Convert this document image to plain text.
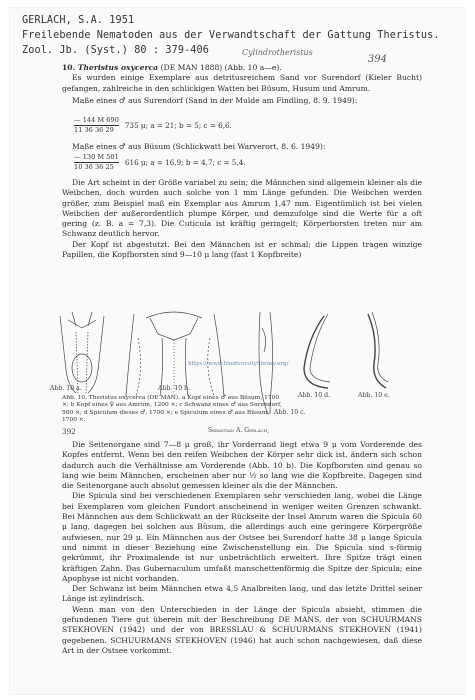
GERLACH, S.A. 1951
Freilebende Nematoden aus der Verwandtschaft der Gattung Theristus.
Zool. Jb. (Syst.) 80 : 379-406	Cylindrotheristus
394

10. Theristus oxycerca (DE MAN 1888) (Abb. 10 a—e).

Es wurden einige Exemplare aus detritusreichem Sand vor Surendorf (Kieler Bucht) gefangen, zahlreiche in den schlickigen Watten bei Büsum, Husum und Amrum.

Maße eines ♂ aus Surendorf (Sand in der Mulde am Findling, 8. 9. 1949):

$\frac{— 144 M 690}{11 36 36 29} 735$ μ; a = 21; b = 5; c = 6,6.

Maße eines ♂ aus Büsum (Schlickwatt bei Warverort, 8. 6. 1949):

$\frac{— 130 M 501}{10 36 36 25} 616$ μ; a = 16,9; b = 4,7; c = 5,4.

Die Art scheint in der Größe variabel zu sein; die Männchen sind allgemein kleiner als die Weibchen, doch wurden auch solche von 1 mm Länge gefunden. Die Weibchen werden größer, zum Beispiel maß ein Exemplar aus Amrum 1,47 mm. Eigentümlich ist bei vielen Weibchen der außerordentlich plumpe Körper, und demzufolge sind die Werte für a oft gering (z. B. a = 7,3). Die Cuticula ist kräftig geringelt; Körperborsten treten nur am Schwanz deutlich hervor.

Der Kopf ist abgestutzt. Bei den Männchen ist er schmal; die Lippen tragen winzige Papillen, die Kopfborsten sind 9—10 μ lang (fast 1 Kopfbreite)

Abb. 10 a.	Abb. 10 b.
Abb. 10 c.
Abb. 10 d.	Abb. 10 e.
https://www.biodiversitylibrary.org/
Abb. 10. Theristus oxycerca (DE MAN). a Kopf eines ♂ aus Büsum, 1700 ×; b Kopf eines ♀ aus Amrum, 1200 ×; c Schwanz eines ♂ aus Surendorf, 500 ×; d Spiculum dieses ♂, 1700 ×; e Spiculum eines ♂ aus Büsum, 1700 ×.
392	Sebastian A. Gerlach,

Die Seitenorgane sind 7—8 μ groß, ihr Vorderrand liegt etwa 9 μ vom Vorderende des Kopfes entfernt. Wenn bei den reifen Weibchen der Körper sehr dick ist, ändern sich schon dadurch auch die Verhältnisse am Vorderende (Abb. 10 b). Die Kopfborsten sind genau so lang wie beim Männchen, erscheinen aber nur ½ so lang wie die Kopfbreite. Dagegen sind die Seitenorgane auch absolut gemessen kleiner als die der Männchen.

Die Spicula sind bei verschiedenen Exemplaren sehr verschieden lang, wobei die Länge bei Exemplaren vom gleichen Fundort anscheinend in weniger weiten Grenzen schwankt. Bei Männchen aus dem Schlickwatt an der Rückseite der Insel Amrum waren die Spicula 60 μ lang, dagegen bei solchen aus Büsum, die allerdings auch eine geringere Körpergröße aufwiesen, nur 29 μ. Ein Männchen aus der Ostsee bei Surendorf hatte 38 μ lange Spicula und nimmt in dieser Beziehung eine Zwischenstellung ein. Die Spicula sind s-förmig gekrümmt, ihr Proximalende ist nur unbeträchtlich erweitert. Ihre Spitze trägt einen kräftigen Zahn. Das Gubernaculum umfaßt manschettenförmig die Spitze der Spicula; eine Apophyse ist nicht vorhanden.

Der Schwanz ist beim Männchen etwa 4,5 Analbreiten lang, und das letzte Drittel seiner Länge ist zylindrisch.

Wenn man von den Unterschieden in der Länge der Spicula absieht, stimmen die gefundenen Tiere gut überein mit der Beschreibung DE MANS, der von SCHUURMANS STEKHOVEN (1942) und der von BRESSLAU & SCHUURMANS STEKHOVEN (1941) gegebenen. SCHUURMANS STEKHOVEN (1946) hat auch schon nachgewiesen, daß diese Art in der Ostsee vorkommt.
